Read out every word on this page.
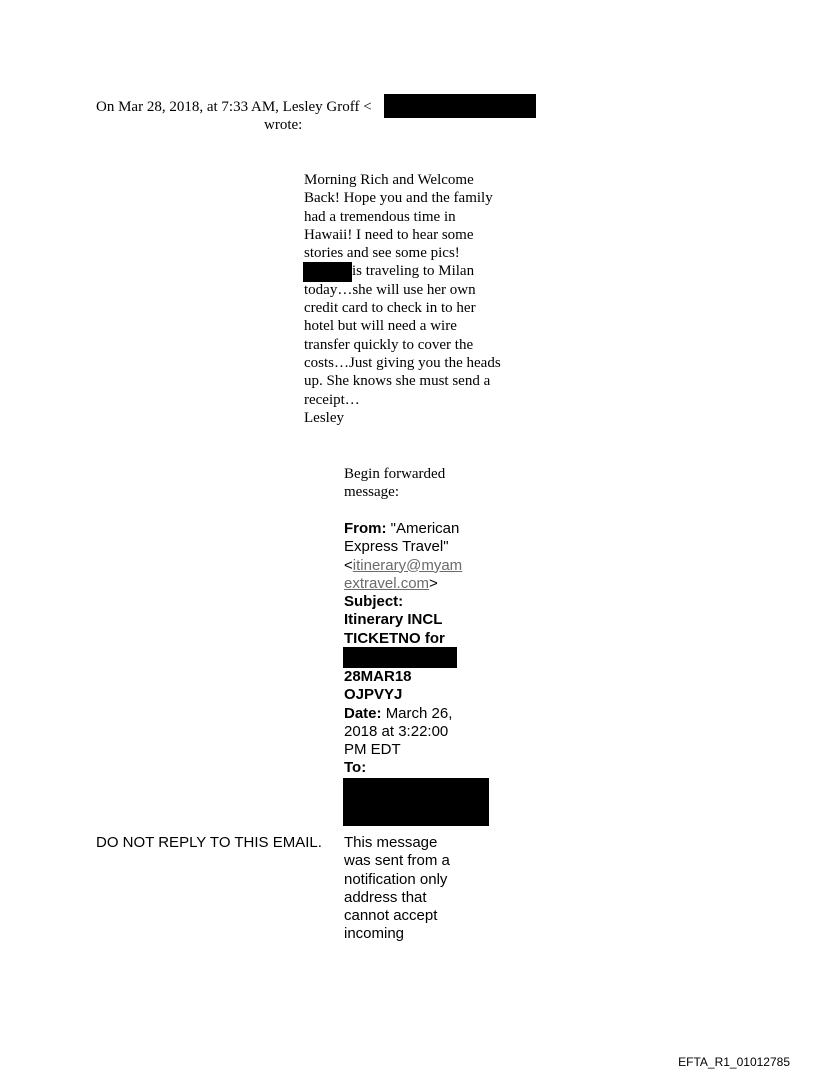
On Mar 28, 2018, at 7:33 AM, Lesley Groff <
wrote:
Morning Rich and Welcome
Back! Hope you and the family
had a tremendous time in
Hawaii! I need to hear some
stories and see some pics!
is traveling to Milan
today…she will use her own
credit card to check in to her
hotel but will need a wire
transfer quickly to cover the
costs…Just giving you the heads
up. She knows she must send a
receipt…
Lesley
Begin forwarded
message:
From: "American
Express Travel"
<itinerary@myam
extravel.com>
Subject:
Itinerary INCL
TICKETNO for
28MAR18
OJPVYJ
Date: March 26,
2018 at 3:22:00
PM EDT
To:
DO NOT REPLY TO THIS EMAIL. This message
was sent from a
notification only
address that
cannot accept
incoming
EFTA_R1_01012785
